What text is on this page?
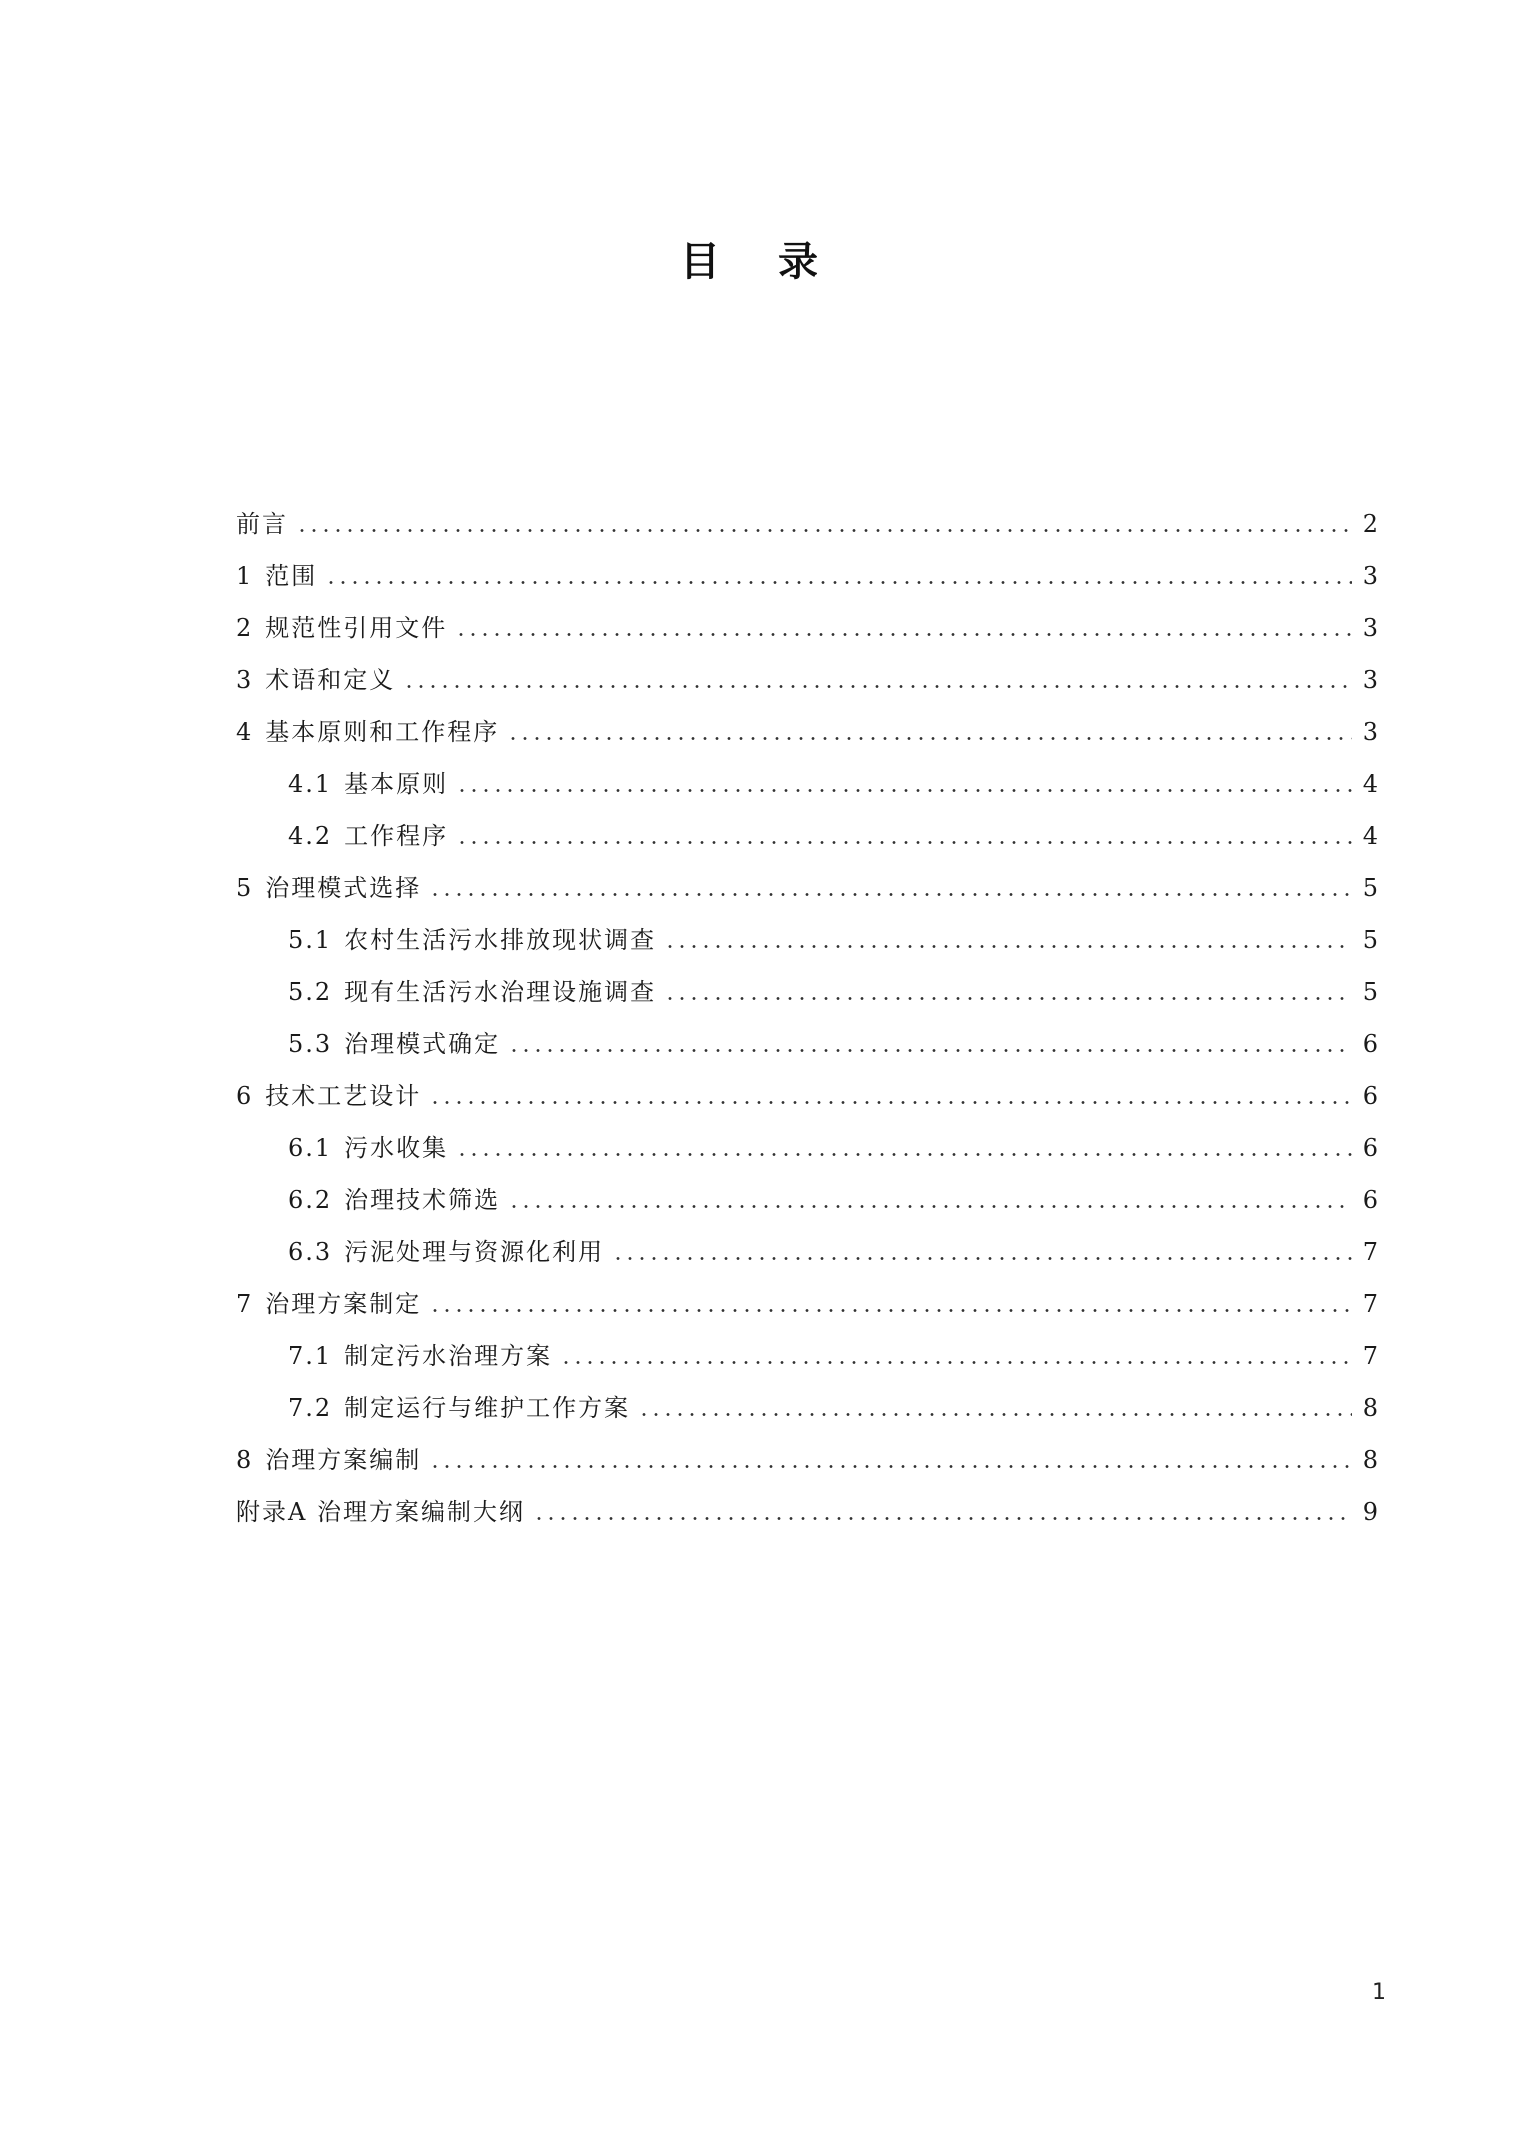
目 录
前言	2
1 范围	3
2 规范性引用文件	3
3 术语和定义	3
4 基本原则和工作程序	3
4.1 基本原则	4
4.2 工作程序	4
5 治理模式选择	5
5.1 农村生活污水排放现状调查	5
5.2 现有生活污水治理设施调查	5
5.3 治理模式确定	6
6 技术工艺设计	6
6.1 污水收集	6
6.2 治理技术筛选	6
6.3 污泥处理与资源化利用	7
7 治理方案制定	7
7.1 制定污水治理方案	7
7.2 制定运行与维护工作方案	8
8 治理方案编制	8
附录A 治理方案编制大纲	9
1
